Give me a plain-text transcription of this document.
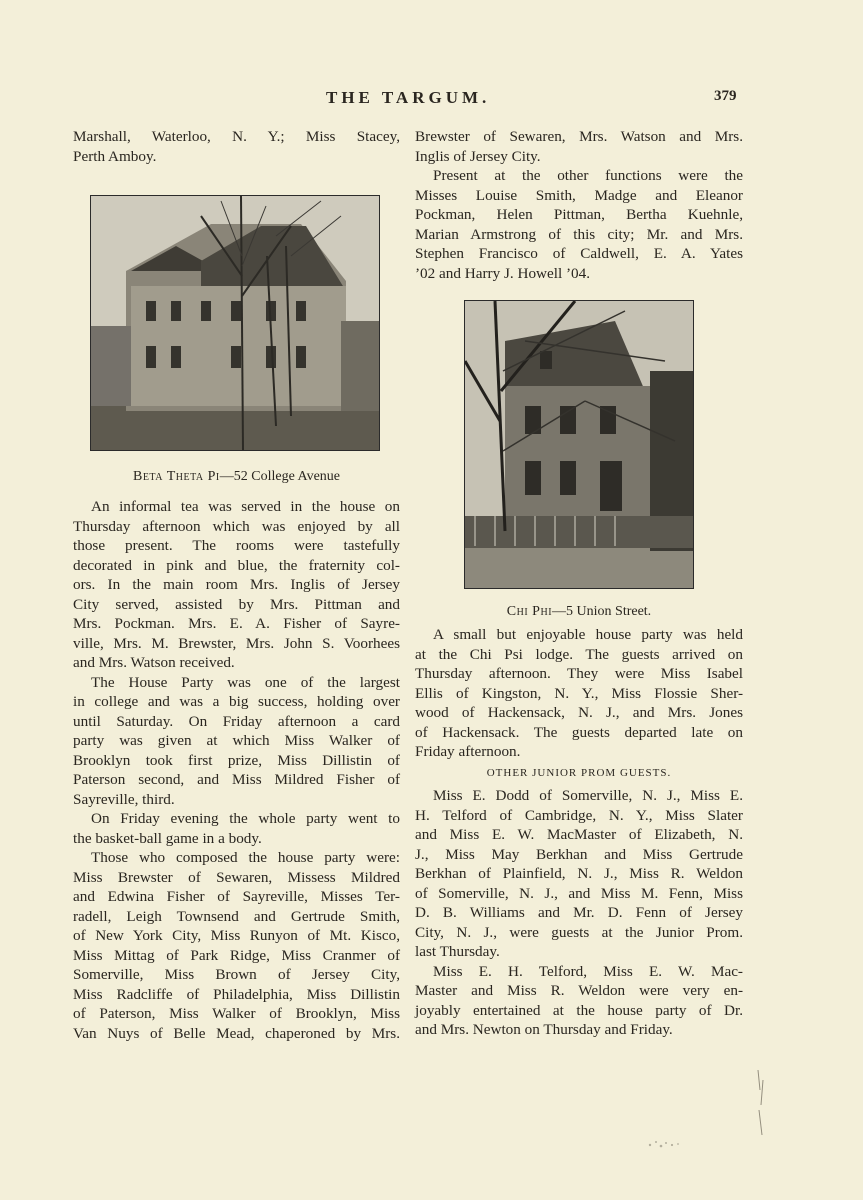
THE TARGUM.	379
Marshall, Waterloo, N. Y.; Miss Stacey,
Perth Amboy.
Beta Theta Pi—52 College Avenue
An informal tea was served in the house on
Thursday afternoon which was enjoyed by all
those present. The rooms were tastefully
decorated in pink and blue, the fraternity col-
ors. In the main room Mrs. Inglis of Jersey
City served, assisted by Mrs. Pittman and
Mrs. Pockman. Mrs. E. A. Fisher of Sayre-
ville, Mrs. M. Brewster, Mrs. John S. Voorhees
and Mrs. Watson received.
The House Party was one of the largest
in college and was a big success, holding over
until Saturday. On Friday afternoon a card
party was given at which Miss Walker of
Brooklyn took first prize, Miss Dillistin of
Paterson second, and Miss Mildred Fisher of
Sayreville, third.
On Friday evening the whole party went to
the basket-ball game in a body.
Those who composed the house party were:
Miss Brewster of Sewaren, Missess Mildred
and Edwina Fisher of Sayreville, Misses Ter-
radell, Leigh Townsend and Gertrude Smith,
of New York City, Miss Runyon of Mt. Kisco,
Miss Mittag of Park Ridge, Miss Cranmer of
Somerville, Miss Brown of Jersey City,
Miss Radcliffe of Philadelphia, Miss Dillistin
of Paterson, Miss Walker of Brooklyn, Miss
Van Nuys of Belle Mead, chaperoned by Mrs.
Brewster of Sewaren, Mrs. Watson and Mrs.
Inglis of Jersey City.
Present at the other functions were the
Misses Louise Smith, Madge and Eleanor
Pockman, Helen Pittman, Bertha Kuehnle,
Marian Armstrong of this city; Mr. and Mrs.
Stephen Francisco of Caldwell, E. A. Yates
’02 and Harry J. Howell ’04.
Chi Phi—5 Union Street.
A small but enjoyable house party was held
at the Chi Psi lodge. The guests arrived on
Thursday afternoon. They were Miss Isabel
Ellis of Kingston, N. Y., Miss Flossie Sher-
wood of Hackensack, N. J., and Mrs. Jones
of Hackensack. The guests departed late on
Friday afternoon.
OTHER JUNIOR PROM GUESTS.
Miss E. Dodd of Somerville, N. J., Miss E.
H. Telford of Cambridge, N. Y., Miss Slater
and Miss E. W. MacMaster of Elizabeth, N.
J., Miss May Berkhan and Miss Gertrude
Berkhan of Plainfield, N. J., Miss R. Weldon
of Somerville, N. J., and Miss M. Fenn, Miss
D. B. Williams and Mr. D. Fenn of Jersey
City, N. J., were guests at the Junior Prom.
last Thursday.
Miss E. H. Telford, Miss E. W. Mac-
Master and Miss R. Weldon were very en-
joyably entertained at the house party of Dr.
and Mrs. Newton on Thursday and Friday.
